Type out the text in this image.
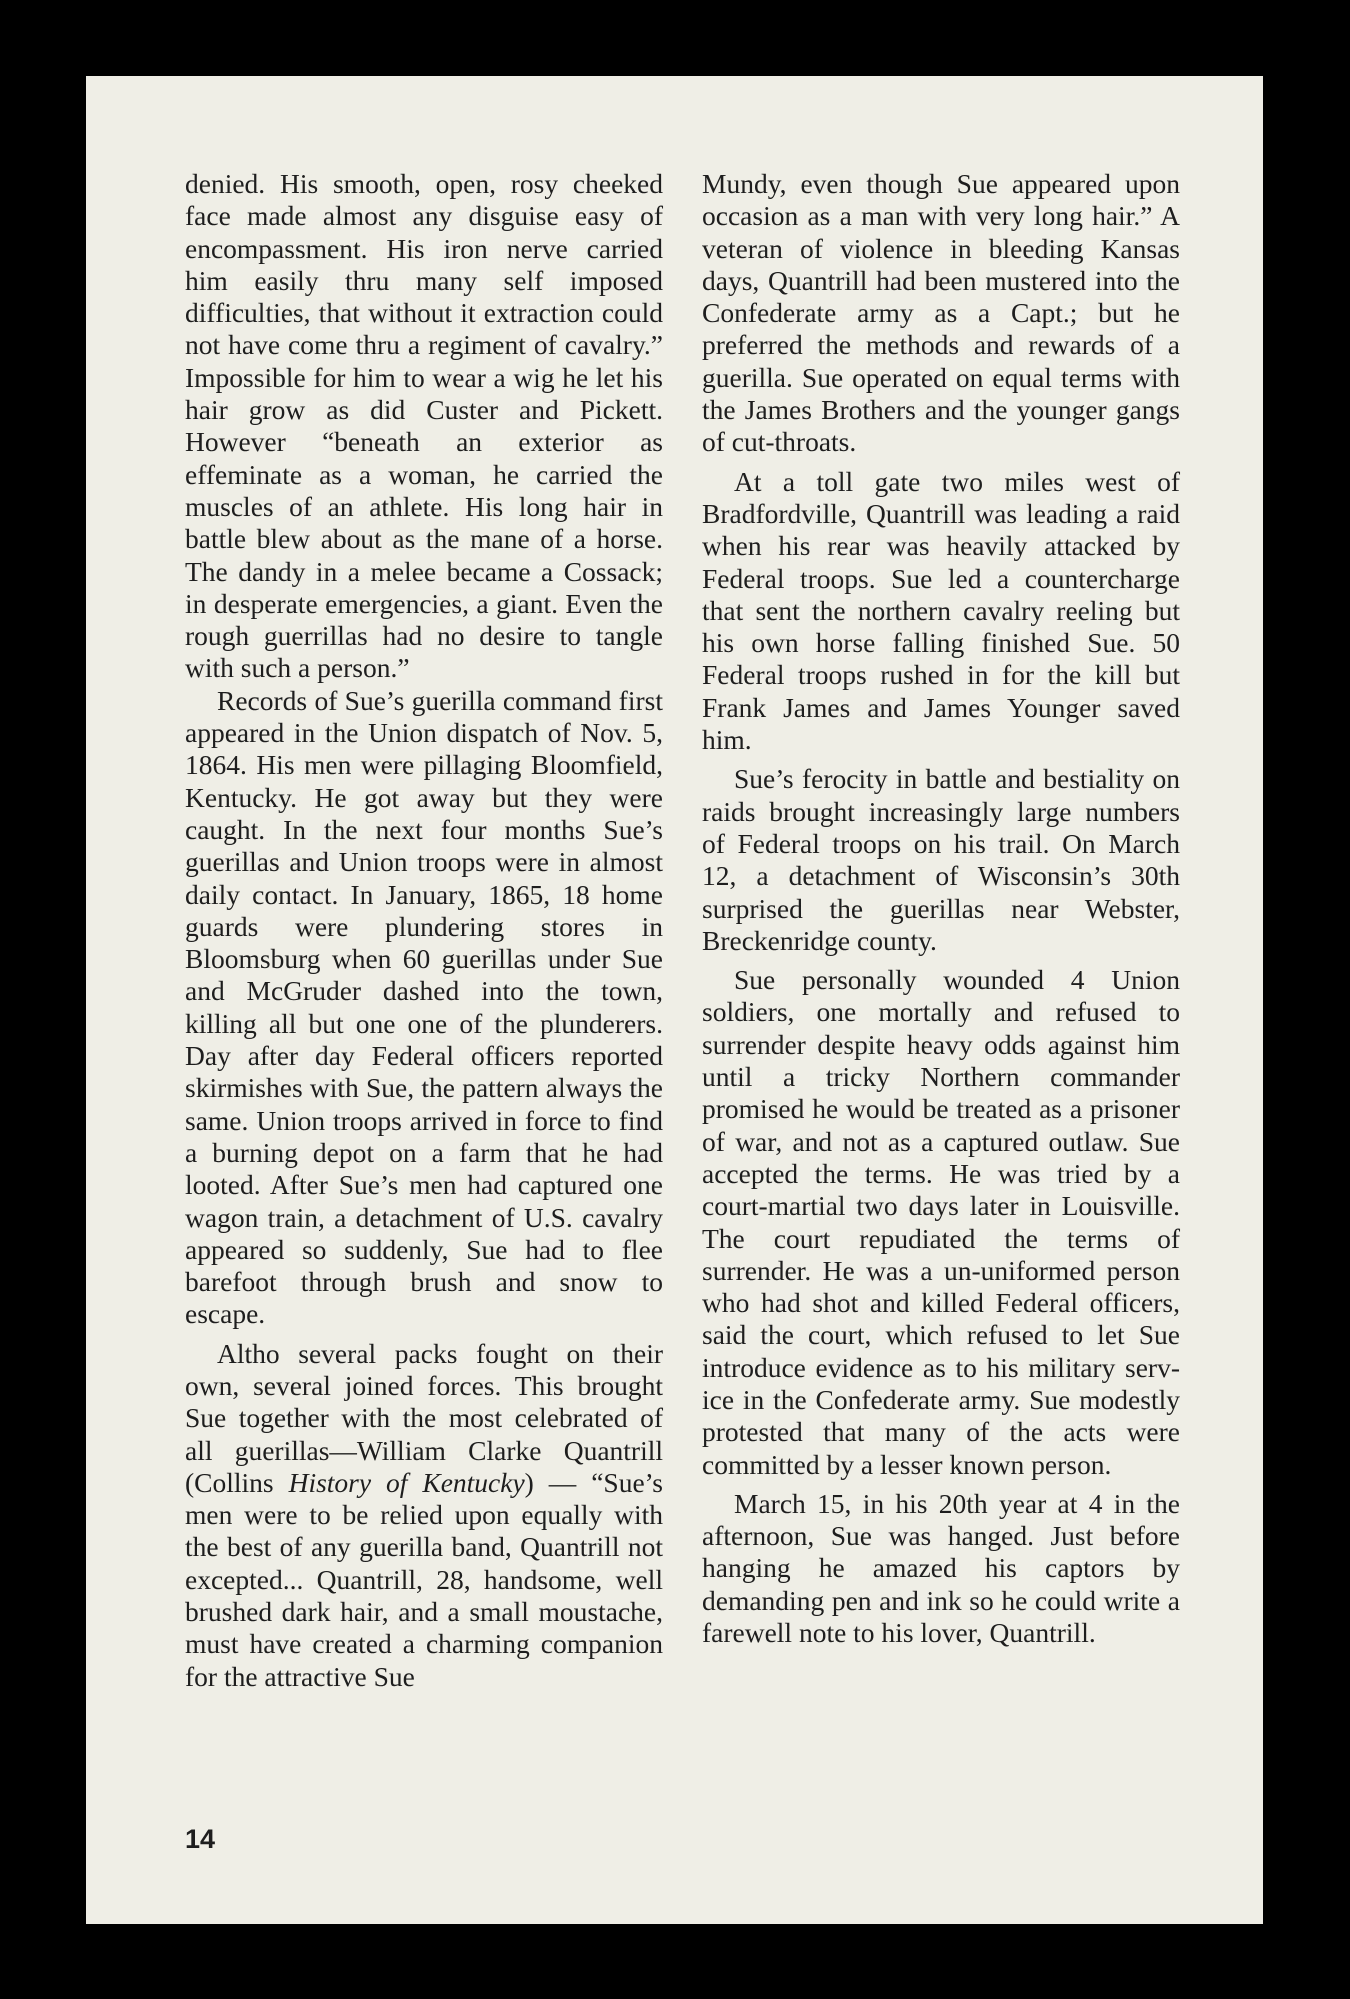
denied. His smooth, open, rosy cheeked face made almost any disguise easy of encompassment. His iron nerve carried him easily thru many self imposed difficulties, that without it extraction could not have come thru a regiment of cavalry.” Impossible for him to wear a wig he let his hair grow as did Custer and Pickett. However “beneath an exterior as effeminate as a woman, he carried the muscles of an athlete. His long hair in battle blew about as the mane of a horse. The dandy in a melee became a Cossack; in desperate emergencies, a giant. Even the rough guerrillas had no desire to tangle with such a person.”

Records of Sue’s guerilla command first appeared in the Union dispatch of Nov. 5, 1864. His men were pillaging Bloomfield, Kentucky. He got away but they were caught. In the next four months Sue’s guerillas and Union troops were in almost daily contact. In January, 1865, 18 home guards were plundering stores in Bloomsburg when 60 guerillas under Sue and McGruder dashed into the town, killing all but one one of the plunderers. Day after day Federal officers reported skirmishes with Sue, the pattern always the same. Union troops arrived in force to find a burning depot on a farm that he had looted. After Sue’s men had captured one wagon train, a detachment of U.S. cavalry appeared so suddenly, Sue had to flee barefoot through brush and snow to escape.

Altho several packs fought on their own, several joined forces. This brought Sue together with the most celebrated of all guerillas—William Clarke Quantrill (Collins History of Kentucky) — “Sue’s men were to be relied upon equally with the best of any guerilla band, Quantrill not excepted... Quantrill, 28, handsome, well brushed dark hair, and a small moustache, must have created a charming companion for the attractive Sue

Mundy, even though Sue appeared upon occasion as a man with very long hair.” A veteran of violence in bleeding Kansas days, Quantrill had been mustered into the Confederate army as a Capt.; but he preferred the methods and rewards of a guerilla. Sue operated on equal terms with the James Brothers and the younger gangs of cut-throats.

At a toll gate two miles west of Bradfordville, Quantrill was leading a raid when his rear was heavily attacked by Federal troops. Sue led a countercharge that sent the northern cavalry reeling but his own horse falling finished Sue. 50 Federal troops rushed in for the kill but Frank James and James Younger saved him.

Sue’s ferocity in battle and bestiality on raids brought increasingly large numbers of Federal troops on his trail. On March 12, a detachment of Wisconsin’s 30th surprised the guerillas near Webster, Breckenridge county.

Sue personally wounded 4 Union soldiers, one mortally and refused to surrender despite heavy odds against him until a tricky Northern commander promised he would be treated as a prisoner of war, and not as a captured outlaw. Sue accepted the terms. He was tried by a court-martial two days later in Louisville. The court repudiated the terms of surrender. He was a un-uniformed person who had shot and killed Federal officers, said the court, which refused to let Sue introduce evidence as to his military service in the Confederate army. Sue modestly protested that many of the acts were committed by a lesser known person.

March 15, in his 20th year at 4 in the afternoon, Sue was hanged. Just before hanging he amazed his captors by demanding pen and ink so he could write a farewell note to his lover, Quantrill.

14
